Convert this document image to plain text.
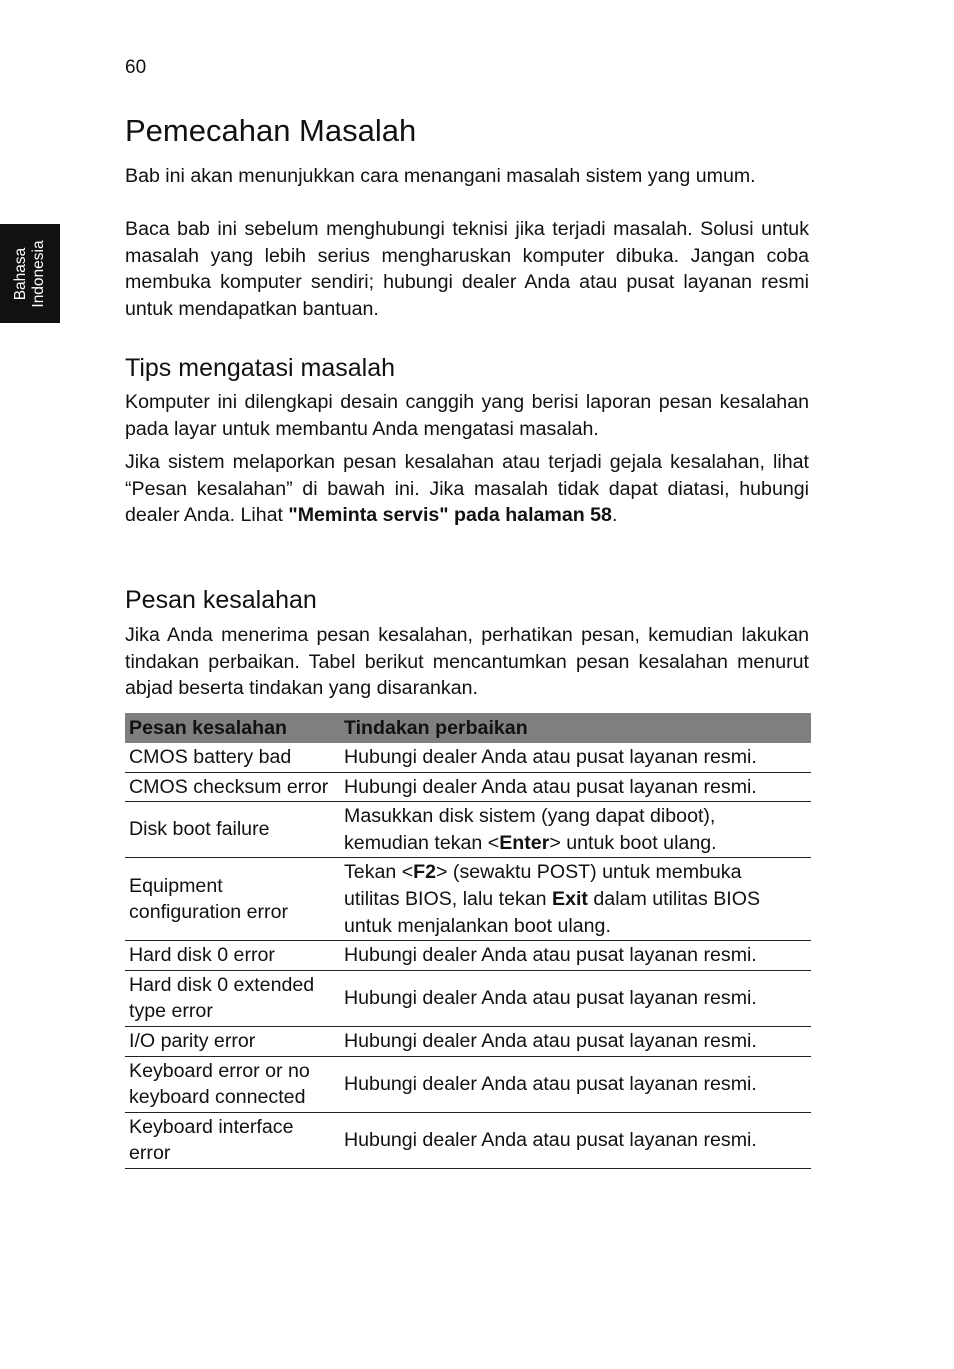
60
Bahasa Indonesia
Pemecahan Masalah

Bab ini akan menunjukkan cara menangani masalah sistem yang umum.

Baca bab ini sebelum menghubungi teknisi jika terjadi masalah. Solusi untuk masalah yang lebih serius mengharuskan komputer dibuka. Jangan coba membuka komputer sendiri; hubungi dealer Anda atau pusat layanan resmi untuk mendapatkan bantuan.

Tips mengatasi masalah

Komputer ini dilengkapi desain canggih yang berisi laporan pesan kesalahan pada layar untuk membantu Anda mengatasi masalah.

Jika sistem melaporkan pesan kesalahan atau terjadi gejala kesalahan, lihat “Pesan kesalahan” di bawah ini. Jika masalah tidak dapat diatasi, hubungi dealer Anda. Lihat "Meminta servis" pada halaman 58.

Pesan kesalahan

Jika Anda menerima pesan kesalahan, perhatikan pesan, kemudian lakukan tindakan perbaikan. Tabel berikut mencantumkan pesan kesalahan menurut abjad beserta tindakan yang disarankan.

Pesan kesalahan	Tindakan perbaikan
CMOS battery bad	Hubungi dealer Anda atau pusat layanan resmi.
CMOS checksum error	Hubungi dealer Anda atau pusat layanan resmi.
Disk boot failure	Masukkan disk sistem (yang dapat diboot),
kemudian tekan <Enter> untuk boot ulang.
Equipment configuration error	Tekan <F2> (sewaktu POST) untuk membuka
utilitas BIOS, lalu tekan Exit dalam utilitas BIOS
untuk menjalankan boot ulang.
Hard disk 0 error	Hubungi dealer Anda atau pusat layanan resmi.
Hard disk 0 extended type error	Hubungi dealer Anda atau pusat layanan resmi.
I/O parity error	Hubungi dealer Anda atau pusat layanan resmi.
Keyboard error or no keyboard connected	Hubungi dealer Anda atau pusat layanan resmi.
Keyboard interface error	Hubungi dealer Anda atau pusat layanan resmi.
